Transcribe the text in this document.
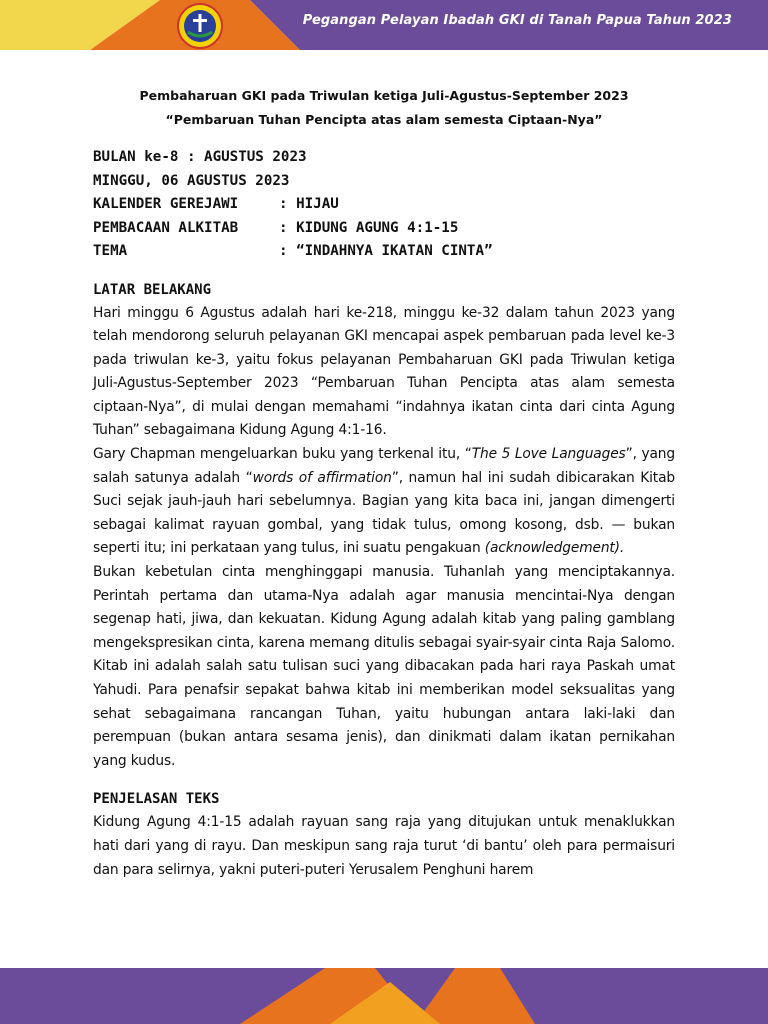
Pegangan Pelayan Ibadah GKI di Tanah Papua Tahun 2023

Pembaharuan GKI pada Triwulan ketiga Juli-Agustus-September 2023

“Pembaruan Tuhan Pencipta atas alam semesta Ciptaan-Nya”

BULAN ke-8 : AGUSTUS 2023
MINGGU, 06 AGUSTUS 2023
KALENDER GEREJAWI	: HIJAU
PEMBACAAN ALKITAB	: KIDUNG AGUNG 4:1-15
TEMA	: “INDAHNYA IKATAN CINTA”
LATAR BELAKANG

Hari minggu 6 Agustus adalah hari ke-218, minggu ke-32 dalam tahun 2023 yang telah mendorong seluruh pelayanan GKI mencapai aspek pembaruan pada level ke-3 pada triwulan ke-3, yaitu fokus pelayanan Pembaharuan GKI pada Triwulan ketiga Juli-Agustus-September 2023 “Pembaruan Tuhan Pencipta atas alam semesta ciptaan-Nya”, di mulai dengan memahami “indahnya ikatan cinta dari cinta Agung Tuhan” sebagaimana Kidung Agung 4:1-16.

Gary Chapman mengeluarkan buku yang terkenal itu, “The 5 Love Languages”, yang salah satunya adalah “words of affirmation”, namun hal ini sudah dibicarakan Kitab Suci sejak jauh-jauh hari sebelumnya. Bagian yang kita baca ini, jangan dimengerti sebagai kalimat rayuan gombal, yang tidak tulus, omong kosong, dsb. — bukan seperti itu; ini perkataan yang tulus, ini suatu pengakuan (acknowledgement).

Bukan kebetulan cinta menghinggapi manusia. Tuhanlah yang menciptakannya. Perintah pertama dan utama-Nya adalah agar manusia mencintai-Nya dengan segenap hati, jiwa, dan kekuatan. Kidung Agung adalah kitab yang paling gamblang mengekspresikan cinta, karena memang ditulis sebagai syair-syair cinta Raja Salomo. Kitab ini adalah salah satu tulisan suci yang dibacakan pada hari raya Paskah umat Yahudi. Para penafsir sepakat bahwa kitab ini memberikan model seksualitas yang sehat sebagaimana rancangan Tuhan, yaitu hubungan antara laki-laki dan perempuan (bukan antara sesama jenis), dan dinikmati dalam ikatan pernikahan yang kudus.

PENJELASAN TEKS

Kidung Agung 4:1-15 adalah rayuan sang raja yang ditujukan untuk menaklukkan hati dari yang di rayu. Dan meskipun sang raja turut ‘di bantu’ oleh para permaisuri dan para selirnya, yakni puteri-puteri Yerusalem Penghuni harem
